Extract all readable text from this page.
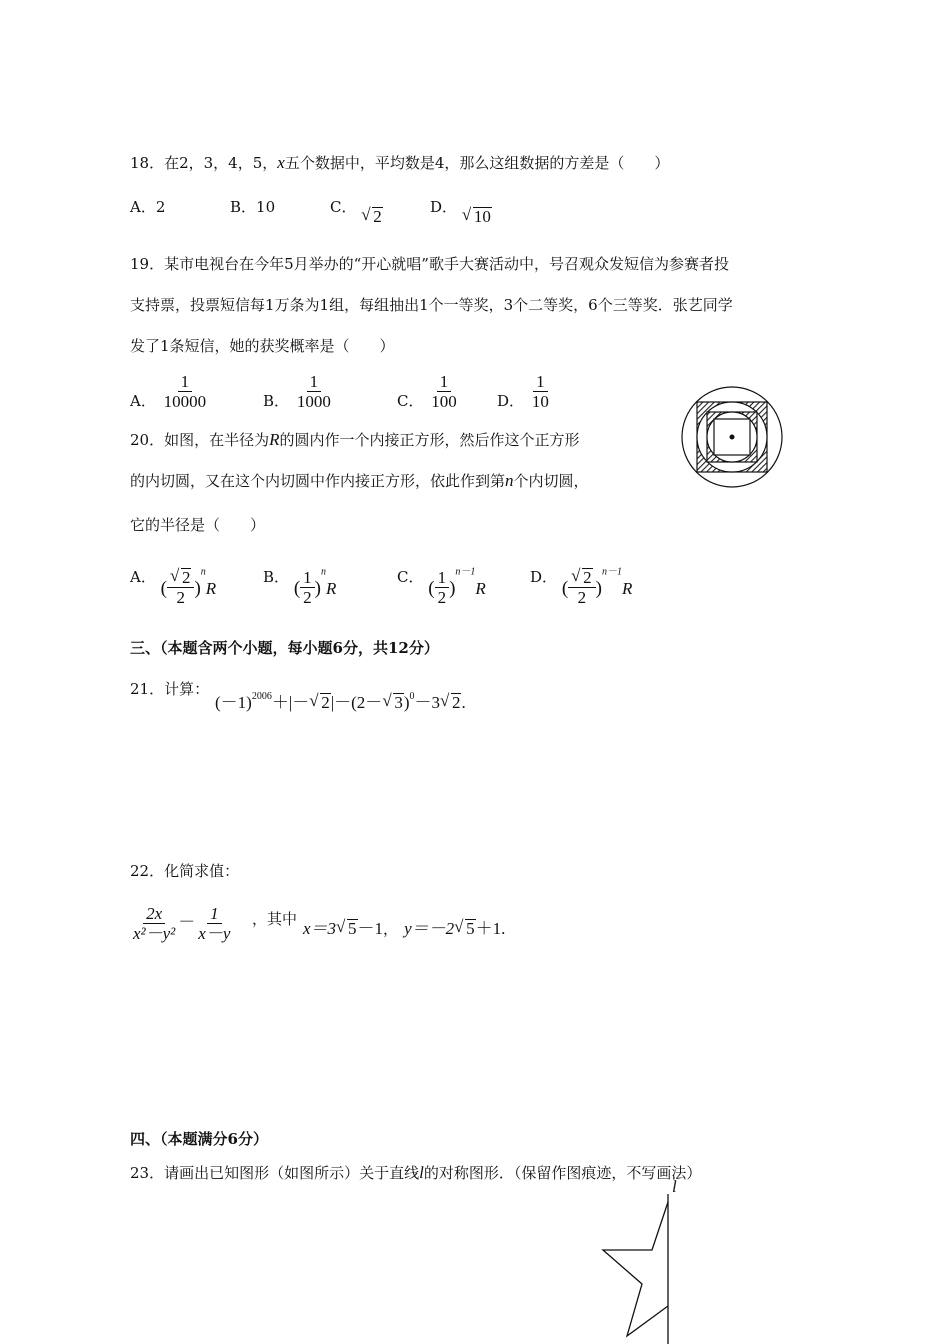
18．在2，3，4，5，x五个数据中，平均数是4，那么这组数据的方差是（　　）
A．2	B．10	C． √ 2	D． √ 10
19．某市电视台在今年5月举办的“开心就唱”歌手大赛活动中，号召观众发短信为参赛者投
支持票，投票短信每1万条为1组，每组抽出1个一等奖，3个二等奖，6个三等奖．张艺同学
发了1条短信，她的获奖概率是（　　）
A． $\frac{1}{10000}$	B． $\frac{1}{1000}$	C． $\frac{1}{100}$ D． $\frac{1}{10}$
20．如图，在半径为R的圆内作一个内接正方形，然后作这个正方形
的内切圆，又在这个内切圆中作内接正方形，依此作到第n个内切圆，
它的半径是（　　）
A． (
√ $\frac{2}{2} )^nR$
B． ( $\frac{1}{2} )^nR$
C． ( $\frac{1}{2} )^{n-1}R$
D． (
√ $\frac{2}{2} )^{n-1}R$
三、（本题含两个小题，每小题6分，共12分）
21．计算：
$(-1)^{2006}+|-√$ 2|－(2－√ 3)$^0$－3√ 2.
22．化简求值：
$\frac{2x}{\text{x²－y²}} - \frac{1}{x-y}$ ，其中 x＝3√ 5－1， y＝－2√ 5＋1.
四、（本题满分6分）
23．请画出已知图形（如图所示）关于直线l的对称图形．（保留作图痕迹，不写画法）
l
